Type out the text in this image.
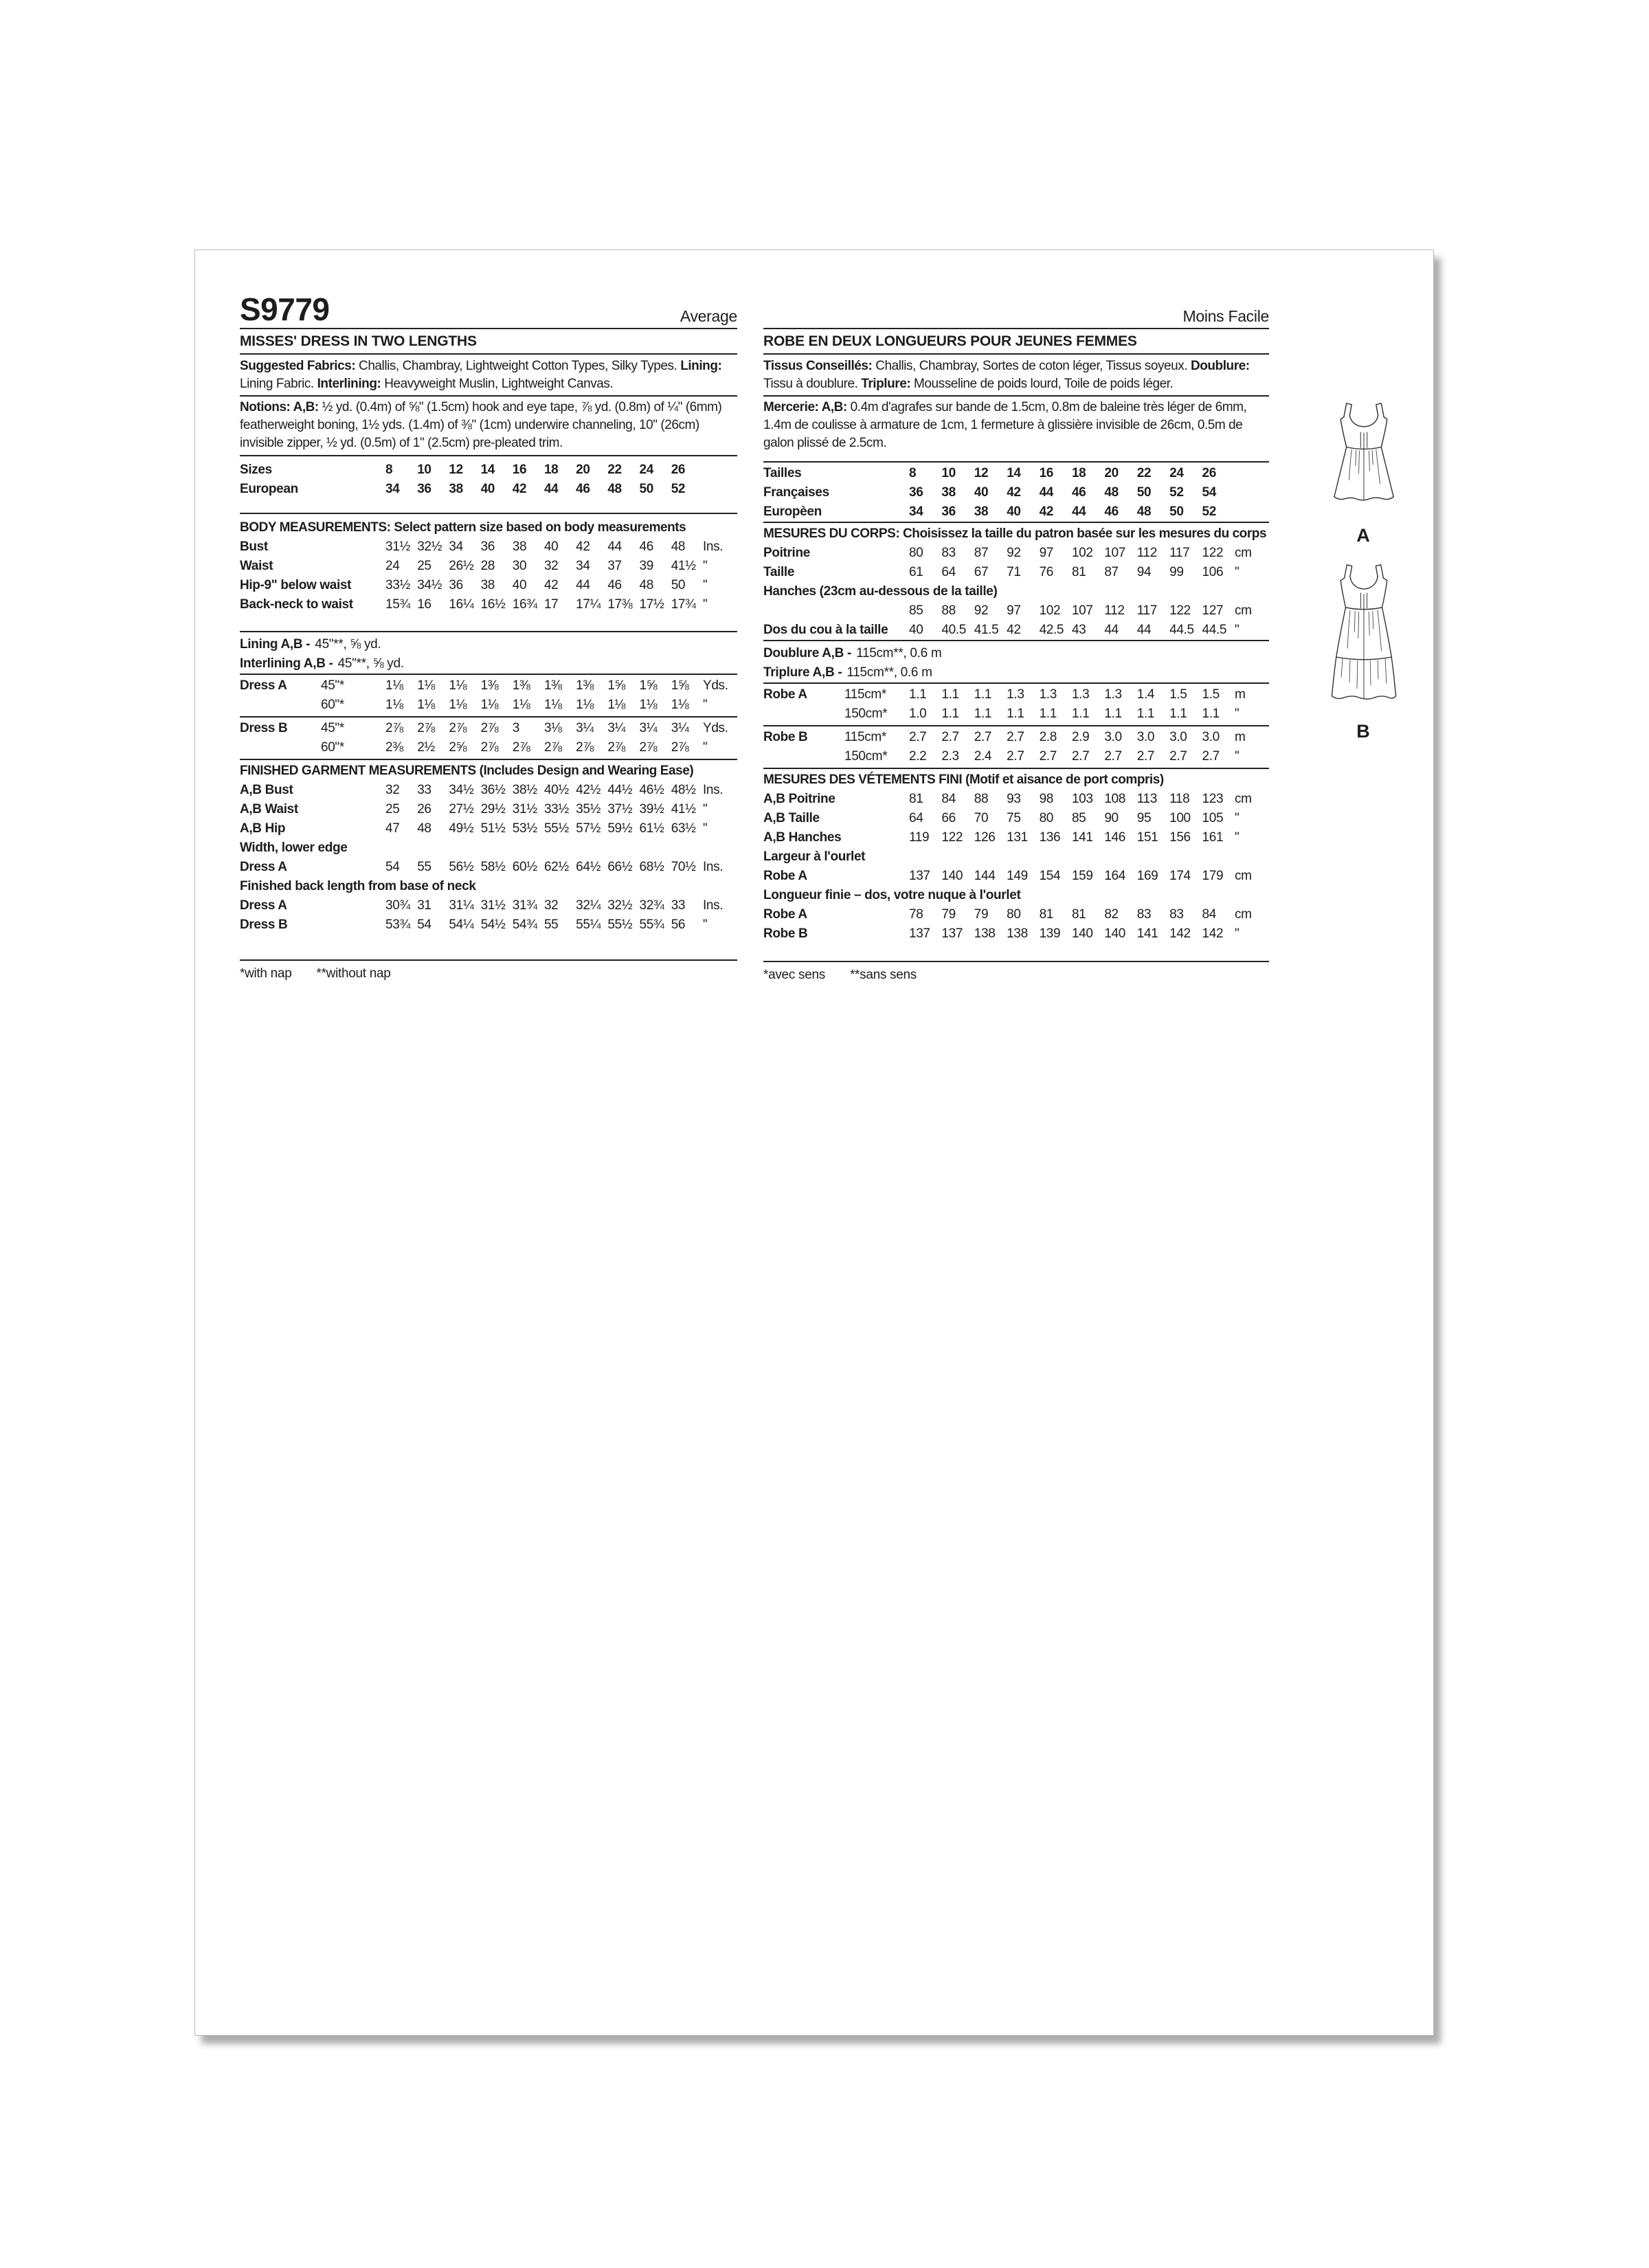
S9779	Average
MISSES' DRESS IN TWO LENGTHS
Suggested Fabrics: Challis, Chambray, Lightweight Cotton Types, Silky Types. Lining: Lining Fabric. Interlining: Heavyweight Muslin, Lightweight Canvas.
Notions: A,B: ½ yd. (0.4m) of ⅝" (1.5cm) hook and eye tape, ⅞ yd. (0.8m) of ¼" (6mm) featherweight boning, 1½ yds. (1.4m) of ⅜" (1cm) underwire channeling, 10" (26cm) invisible zipper, ½ yd. (0.5m) of 1" (2.5cm) pre-pleated trim.
Sizes	8	10	12	14	16	18	20	22	24	26	
European	34	36	38	40	42	44	46	48	50	52	
BODY MEASUREMENTS: Select pattern size based on body measurements
Bust	31½	32½	34	36	38	40	42	44	46	48	Ins.
Waist	24	25	26½	28	30	32	34	37	39	41½	"
Hip-9" below waist	33½	34½	36	38	40	42	44	46	48	50	"
Back-neck to waist	15¾	16	16¼	16½	16¾	17	17¼	17⅜	17½	17¾	"
Lining A,B - 45"**, ⅝ yd.
Interlining A,B - 45"**, ⅝ yd.
Dress A	45"*	1⅛	1⅛	1⅛	1⅜	1⅜	1⅜	1⅜	1⅝	1⅝	1⅝	Yds.
	60"*	1⅛	1⅛	1⅛	1⅛	1⅛	1⅛	1⅛	1⅛	1⅛	1⅛	"
Dress B	45"*	2⅞	2⅞	2⅞	2⅞	3	3⅛	3¼	3¼	3¼	3¼	Yds.
	60"*	2⅜	2½	2⅝	2⅞	2⅞	2⅞	2⅞	2⅞	2⅞	2⅞	"
FINISHED GARMENT MEASUREMENTS (Includes Design and Wearing Ease)
A,B Bust	32	33	34½	36½	38½	40½	42½	44½	46½	48½	Ins.
A,B Waist	25	26	27½	29½	31½	33½	35½	37½	39½	41½	"
A,B Hip	47	48	49½	51½	53½	55½	57½	59½	61½	63½	"
Width, lower edge											
Dress A	54	55	56½	58½	60½	62½	64½	66½	68½	70½	Ins.
Finished back length from base of neck											
Dress A	30¾	31	31¼	31½	31¾	32	32¼	32½	32¾	33	Ins.
Dress B	53¾	54	54¼	54½	54¾	55	55¼	55½	55¾	56	"
*with nap **without nap
Moins Facile
ROBE EN DEUX LONGUEURS POUR JEUNES FEMMES
Tissus Conseillés: Challis, Chambray, Sortes de coton léger, Tissus soyeux. Doublure: Tissu à doublure. Triplure: Mousseline de poids lourd, Toile de poids léger.
Mercerie: A,B: 0.4m d'agrafes sur bande de 1.5cm, 0.8m de baleine très léger de 6mm, 1.4m de coulisse à armature de 1cm, 1 fermeture à glissière invisible de 26cm, 0.5m de galon plissé de 2.5cm.
Tailles	8	10	12	14	16	18	20	22	24	26	
Françaises	36	38	40	42	44	46	48	50	52	54	
Europèen	34	36	38	40	42	44	46	48	50	52	
MESURES DU CORPS: Choisissez la taille du patron basée sur les mesures du corps
Poitrine	80	83	87	92	97	102	107	112	117	122	cm
Taille	61	64	67	71	76	81	87	94	99	106	"
Hanches (23cm au-dessous de la taille)											
	85	88	92	97	102	107	112	117	122	127	cm
Dos du cou à la taille	40	40.5	41.5	42	42.5	43	44	44	44.5	44.5	"
Doublure A,B - 115cm**, 0.6 m
Triplure A,B - 115cm**, 0.6 m
Robe A	115cm*	1.1	1.1	1.1	1.3	1.3	1.3	1.3	1.4	1.5	1.5	m
	150cm*	1.0	1.1	1.1	1.1	1.1	1.1	1.1	1.1	1.1	1.1	"
Robe B	115cm*	2.7	2.7	2.7	2.7	2.8	2.9	3.0	3.0	3.0	3.0	m
	150cm*	2.2	2.3	2.4	2.7	2.7	2.7	2.7	2.7	2.7	2.7	"
MESURES DES VÉTEMENTS FINI (Motif et aisance de port compris)
A,B Poitrine	81	84	88	93	98	103	108	113	118	123	cm
A,B Taille	64	66	70	75	80	85	90	95	100	105	"
A,B Hanches	119	122	126	131	136	141	146	151	156	161	"
Largeur à l'ourlet											
Robe A	137	140	144	149	154	159	164	169	174	179	cm
Longueur finie – dos, votre nuque à l'ourlet											
Robe A	78	79	79	80	81	81	82	83	83	84	cm
Robe B	137	137	138	138	139	140	140	141	142	142	"
*avec sens **sans sens
A
B
